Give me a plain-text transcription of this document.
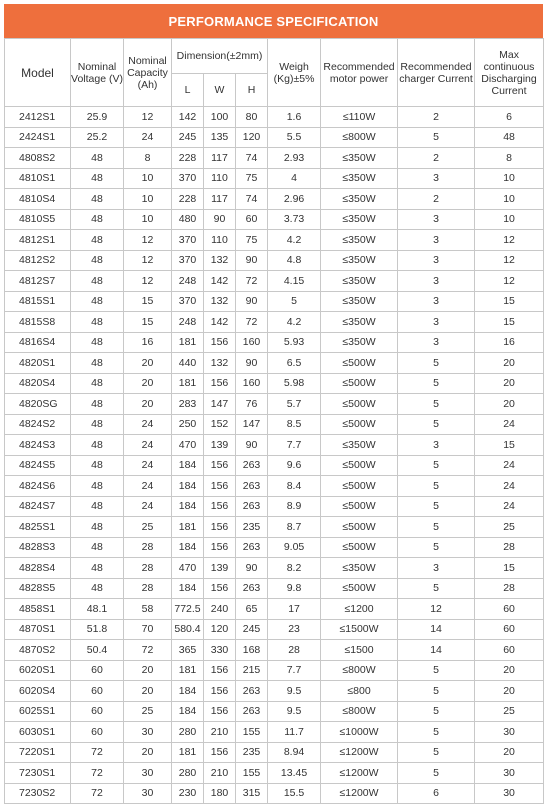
PERFORMANCE SPECIFICATION
Model	Nominal Voltage (V)	Nominal Capacity (Ah)	Dimension(±2mm)			Weigh (Kg)±5%	Recommended motor power	Recommended charger Current	Max continuous Discharging Current
			L	W	H				
2412S1	25.9	12	142	100	80	1.6	≤110W	2	6
2424S1	25.2	24	245	135	120	5.5	≤800W	5	48
4808S2	48	8	228	117	74	2.93	≤350W	2	8
4810S1	48	10	370	110	75	4	≤350W	3	10
4810S4	48	10	228	117	74	2.96	≤350W	2	10
4810S5	48	10	480	90	60	3.73	≤350W	3	10
4812S1	48	12	370	110	75	4.2	≤350W	3	12
4812S2	48	12	370	132	90	4.8	≤350W	3	12
4812S7	48	12	248	142	72	4.15	≤350W	3	12
4815S1	48	15	370	132	90	5	≤350W	3	15
4815S8	48	15	248	142	72	4.2	≤350W	3	15
4816S4	48	16	181	156	160	5.93	≤350W	3	16
4820S1	48	20	440	132	90	6.5	≤500W	5	20
4820S4	48	20	181	156	160	5.98	≤500W	5	20
4820SG	48	20	283	147	76	5.7	≤500W	5	20
4824S2	48	24	250	152	147	8.5	≤500W	5	24
4824S3	48	24	470	139	90	7.7	≤350W	3	15
4824S5	48	24	184	156	263	9.6	≤500W	5	24
4824S6	48	24	184	156	263	8.4	≤500W	5	24
4824S7	48	24	184	156	263	8.9	≤500W	5	24
4825S1	48	25	181	156	235	8.7	≤500W	5	25
4828S3	48	28	184	156	263	9.05	≤500W	5	28
4828S4	48	28	470	139	90	8.2	≤350W	3	15
4828S5	48	28	184	156	263	9.8	≤500W	5	28
4858S1	48.1	58	772.5	240	65	17	≤1200	12	60
4870S1	51.8	70	580.4	120	245	23	≤1500W	14	60
4870S2	50.4	72	365	330	168	28	≤1500	14	60
6020S1	60	20	181	156	215	7.7	≤800W	5	20
6020S4	60	20	184	156	263	9.5	≤800	5	20
6025S1	60	25	184	156	263	9.5	≤800W	5	25
6030S1	60	30	280	210	155	11.7	≤1000W	5	30
7220S1	72	20	181	156	235	8.94	≤1200W	5	20
7230S1	72	30	280	210	155	13.45	≤1200W	5	30
7230S2	72	30	230	180	315	15.5	≤1200W	6	30
